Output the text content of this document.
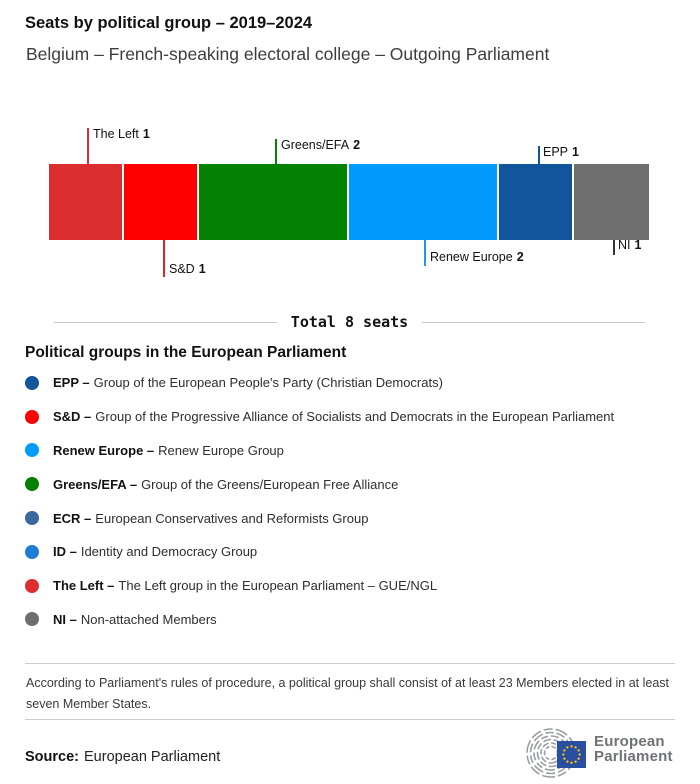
Seats by political group – 2019–2024
Belgium – French-speaking electoral college – Outgoing Parliament
The Left 1
S&D 1
Greens/EFA 2
Renew Europe 2
EPP 1
NI 1
Total 8 seats
Political groups in the European Parliament
EPP – Group of the European People's Party (Christian Democrats)
S&D – Group of the Progressive Alliance of Socialists and Democrats in the European Parliament
Renew Europe – Renew Europe Group
Greens/EFA – Group of the Greens/European Free Alliance
ECR – European Conservatives and Reformists Group
ID – Identity and Democracy Group
The Left – The Left group in the European Parliament – GUE/NGL
NI – Non-attached Members
According to Parliament's rules of procedure, a political group shall consist of at least 23 Members elected in at least
seven Member States.
Source: European Parliament
European
Parliament
